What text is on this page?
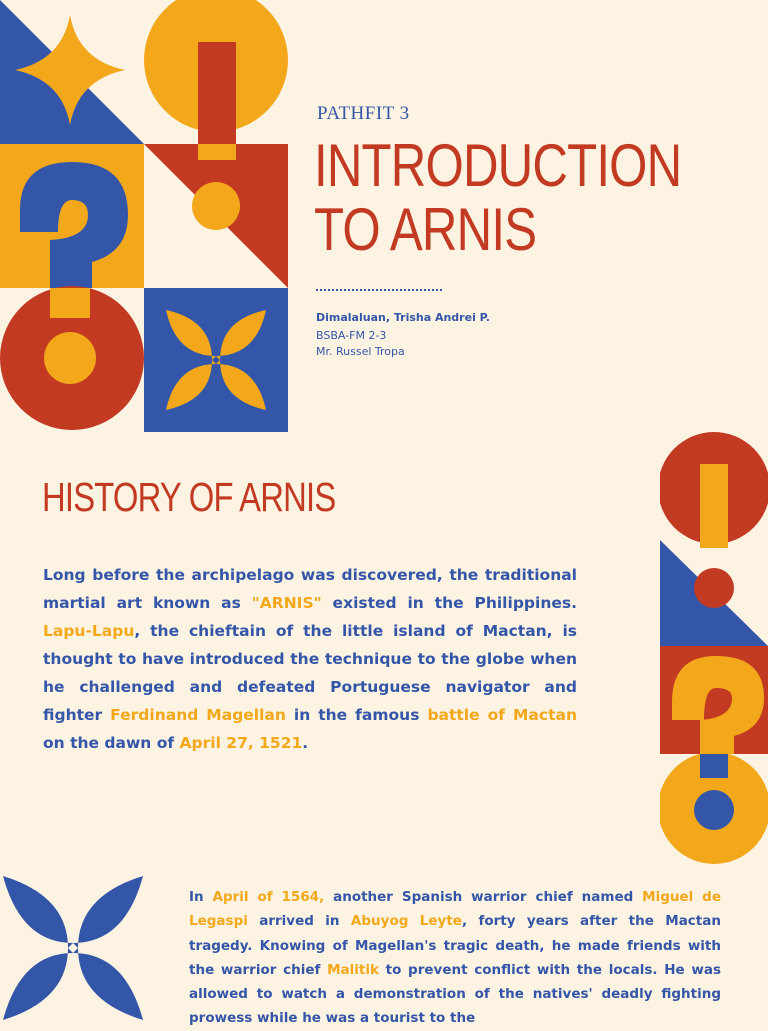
PATHFIT 3
INTRODUCTION
TO ARNIS
Dimalaluan, Trisha Andrei P.
BSBA-FM 2-3
Mr. Russel Tropa
HISTORY OF ARNIS
Long before the archipelago was discovered, the traditional martial art known as "ARNIS" existed in the Philippines. Lapu-Lapu, the chieftain of the little island of Mactan, is thought to have introduced the technique to the globe when he challenged and defeated Portuguese navigator and fighter Ferdinand Magellan in the famous battle of Mactan on the dawn of April 27, 1521.
In April of 1564, another Spanish warrior chief named Miguel de Legaspi arrived in Abuyog Leyte, forty years after the Mactan tragedy. Knowing of Magellan's tragic death, he made friends with the warrior chief Malitik to prevent conflict with the locals. He was allowed to watch a demonstration of the natives' deadly fighting prowess while he was a tourist to the
